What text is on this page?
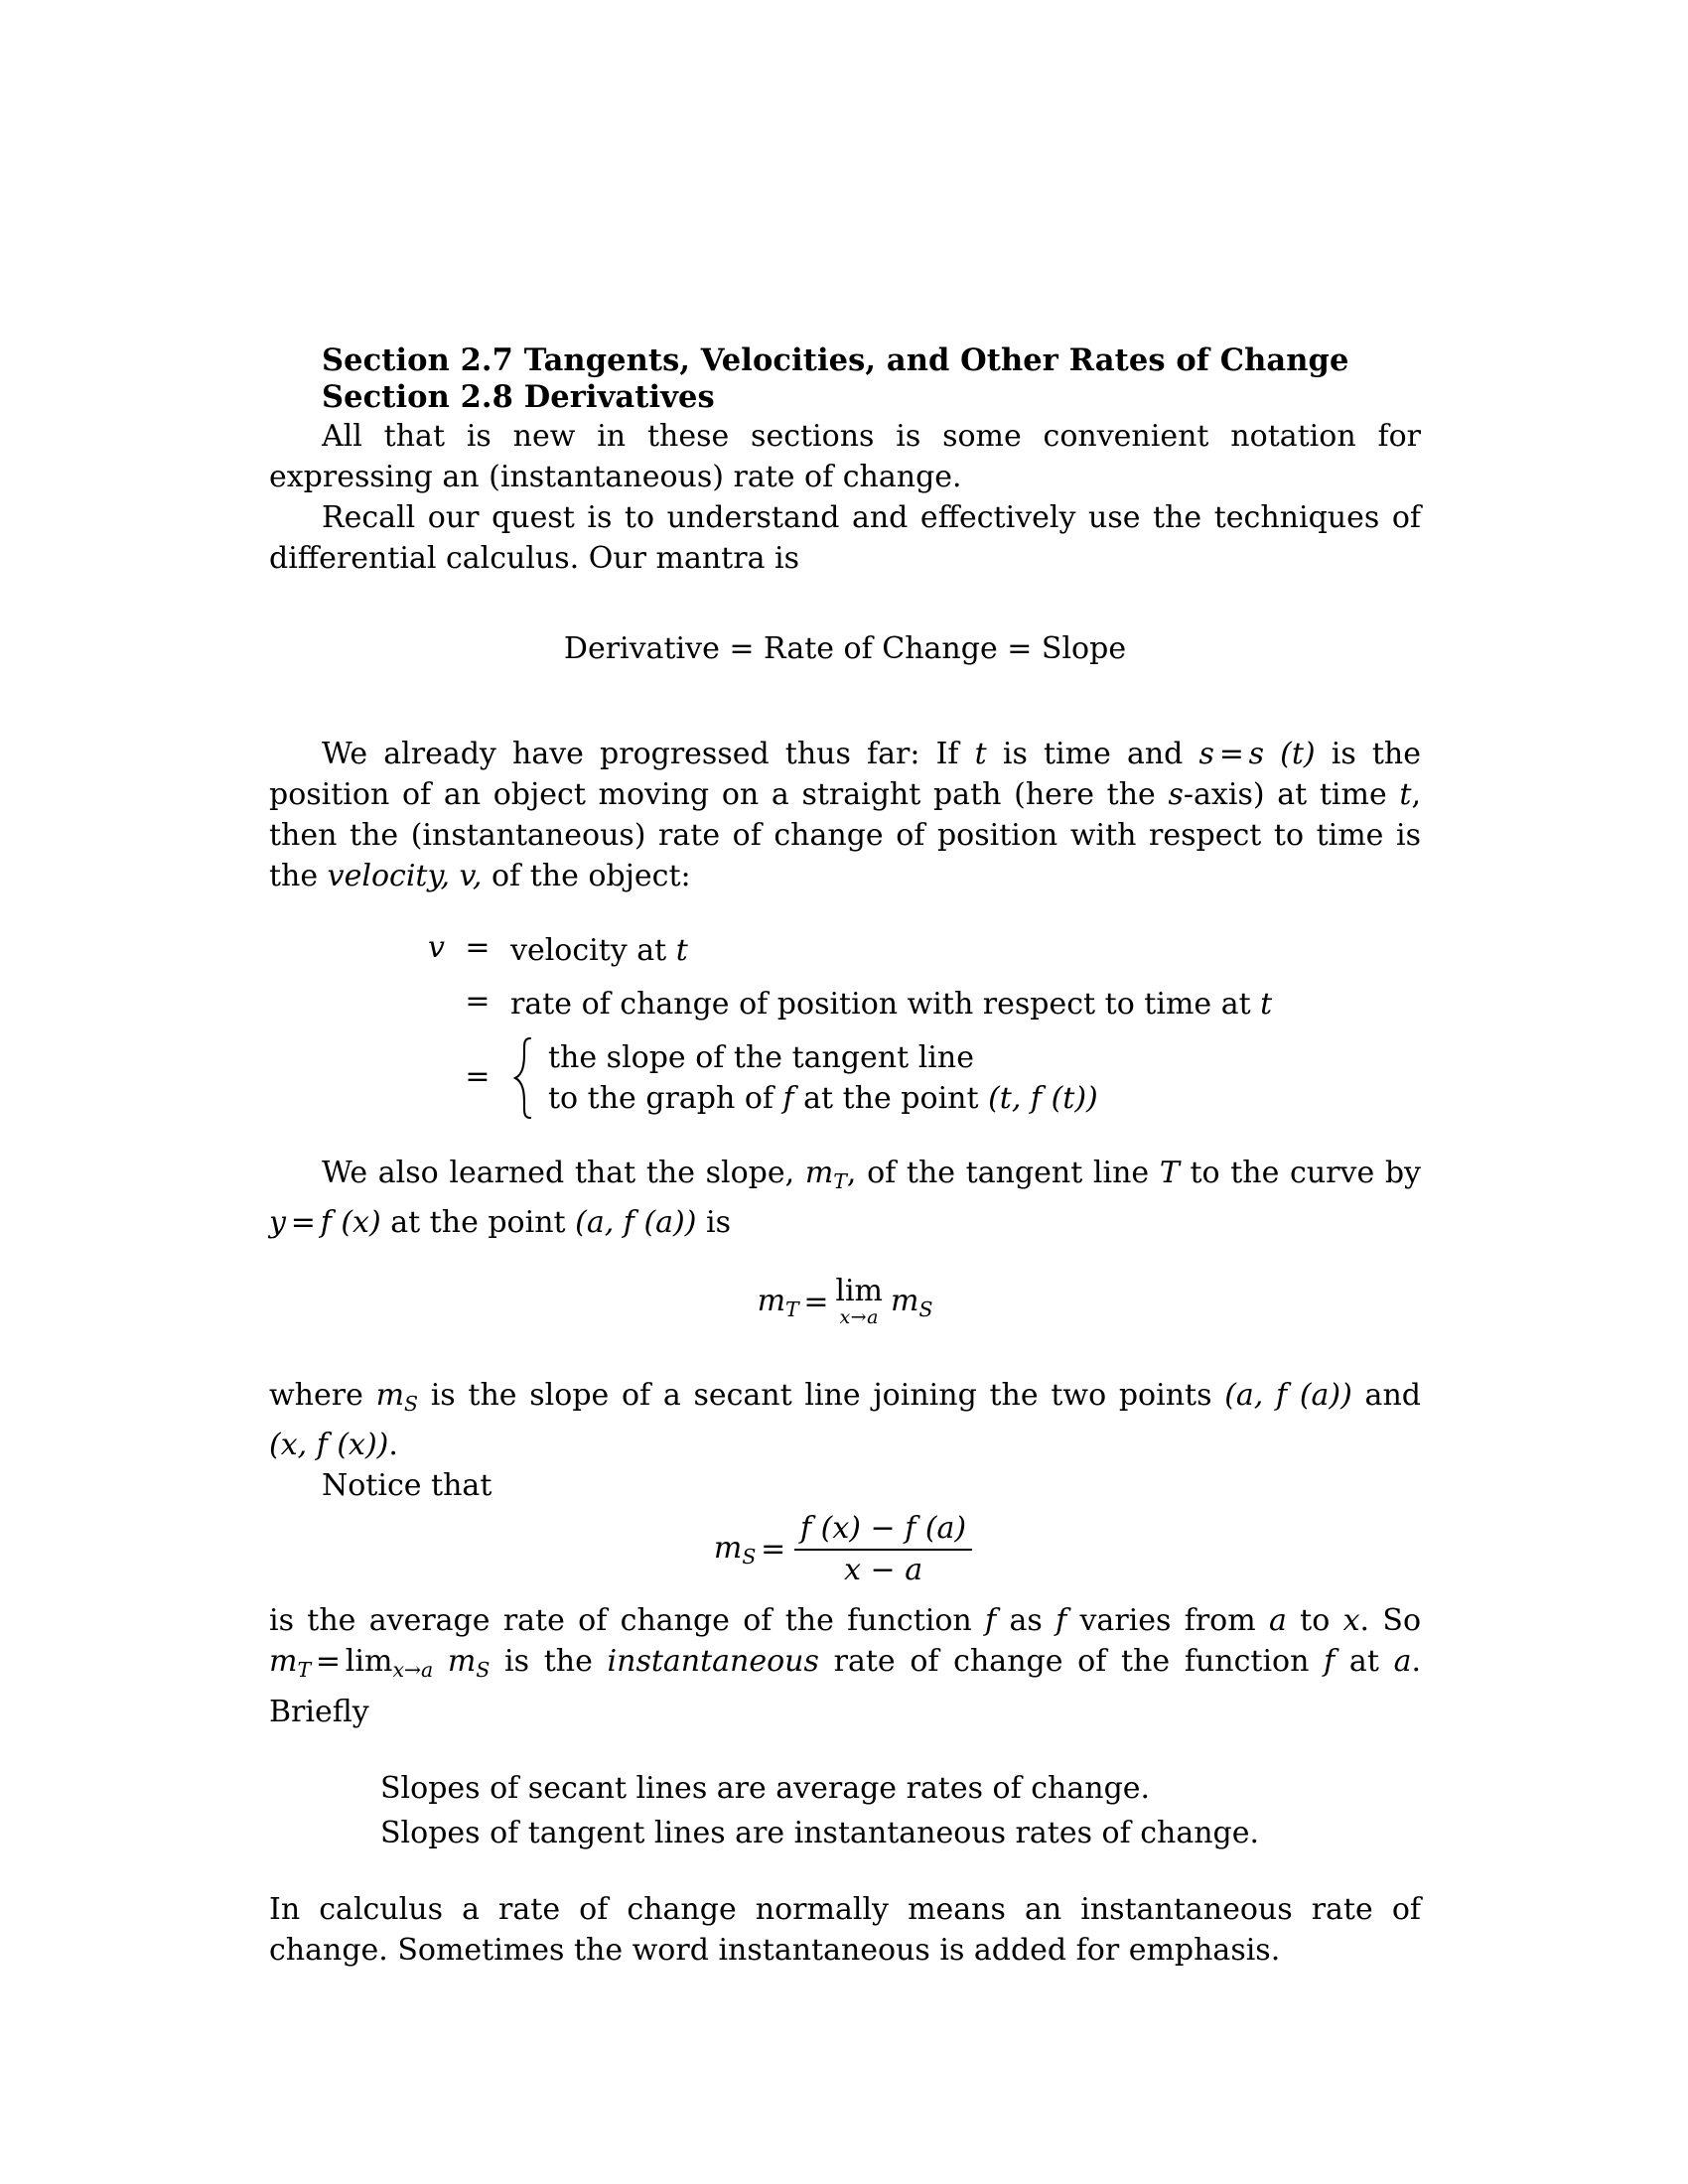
Section 2.7 Tangents, Velocities, and Other Rates of Change
Section 2.8 Derivatives

All that is new in these sections is some convenient notation for expressing an (instantaneous) rate of change.

Recall our quest is to understand and effectively use the techniques of differential calculus. Our mantra is

Derivative = Rate of Change = Slope

We already have progressed thus far: If t is time and s = s (t) is the position of an object moving on a straight path (here the s-axis) at time t, then the (instantaneous) rate of change of position with respect to time is the velocity, v, of the object:

v = velocity at t
= rate of change of position with respect to time at t
=
the slope of the tangent line
to the graph of f at the point (t, f (t))

We also learned that the slope, $m_T$, of the tangent line T to the curve by y = f (x) at the point (a, f (a)) is

$m_T = \lim$
x→a $m_S$

where $m_S$ is the slope of a secant line joining the two points (a, f (a)) and (x, f (x)).

Notice that

$m_S = \frac{f (x) - f (a)}{x - a}$

is the average rate of change of the function f as f varies from a to x. So $m_T = \lim_{x\to a} m_S$ is the instantaneous rate of change of the function f at a. Briefly

Slopes of secant lines are average rates of change.
Slopes of tangent lines are instantaneous rates of change.

In calculus a rate of change normally means an instantaneous rate of change. Sometimes the word instantaneous is added for emphasis.
